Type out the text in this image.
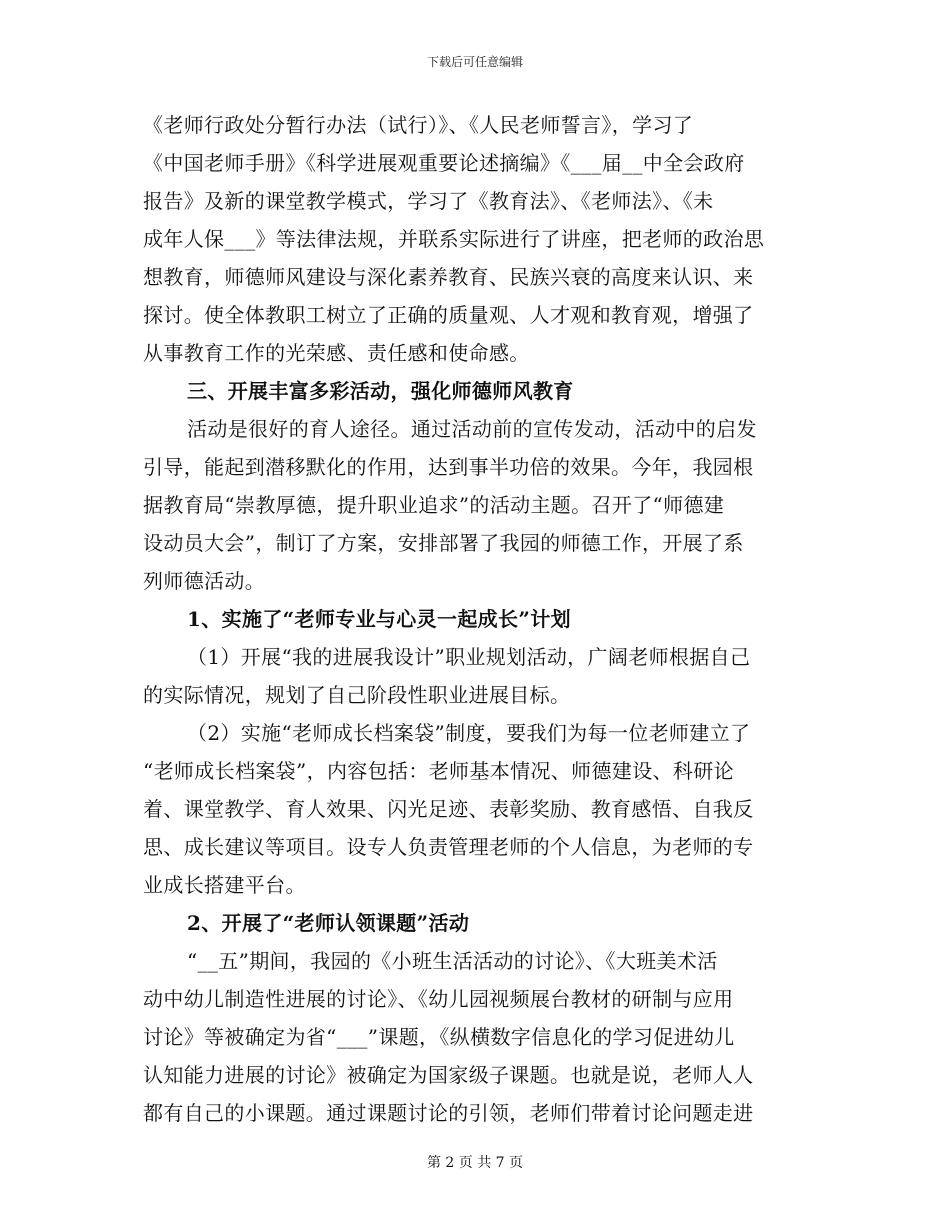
下载后可任意编辑
《老师行政处分暂行办法（试行）》、《人民老师誓言》，学习了
《中国老师手册》《科学进展观重要论述摘编》《___届__中全会政府
报告》及新的课堂教学模式，学习了《教育法》、《老师法》、《未
成年人保___》等法律法规，并联系实际进行了讲座，把老师的政治思
想教育，师德师风建设与深化素养教育、民族兴衰的高度来认识、来
探讨。使全体教职工树立了正确的质量观、人才观和教育观，增强了
从事教育工作的光荣感、责任感和使命感。
三、开展丰富多彩活动，强化师德师风教育
活动是很好的育人途径。通过活动前的宣传发动，活动中的启发
引导，能起到潜移默化的作用，达到事半功倍的效果。今年，我园根
据教育局“崇教厚德，提升职业追求”的活动主题。召开了“师德建
设动员大会”，制订了方案，安排部署了我园的师德工作，开展了系
列师德活动。
1、实施了“老师专业与心灵一起成长”计划
（1）开展“我的进展我设计”职业规划活动，广阔老师根据自己
的实际情况，规划了自己阶段性职业进展目标。
（2）实施“老师成长档案袋”制度，要我们为每一位老师建立了
“老师成长档案袋”，内容包括：老师基本情况、师德建设、科研论
着、课堂教学、育人效果、闪光足迹、表彰奖励、教育感悟、自我反
思、成长建议等项目。设专人负责管理老师的个人信息，为老师的专
业成长搭建平台。
2、开展了“老师认领课题”活动
“__五”期间，我园的《小班生活活动的讨论》、《大班美术活
动中幼儿制造性进展的讨论》、《幼儿园视频展台教材的研制与应用
讨论》等被确定为省“___”课题，《纵横数字信息化的学习促进幼儿
认知能力进展的讨论》被确定为国家级子课题。也就是说，老师人人
都有自己的小课题。通过课题讨论的引领，老师们带着讨论问题走进
第 2 页 共 7 页
